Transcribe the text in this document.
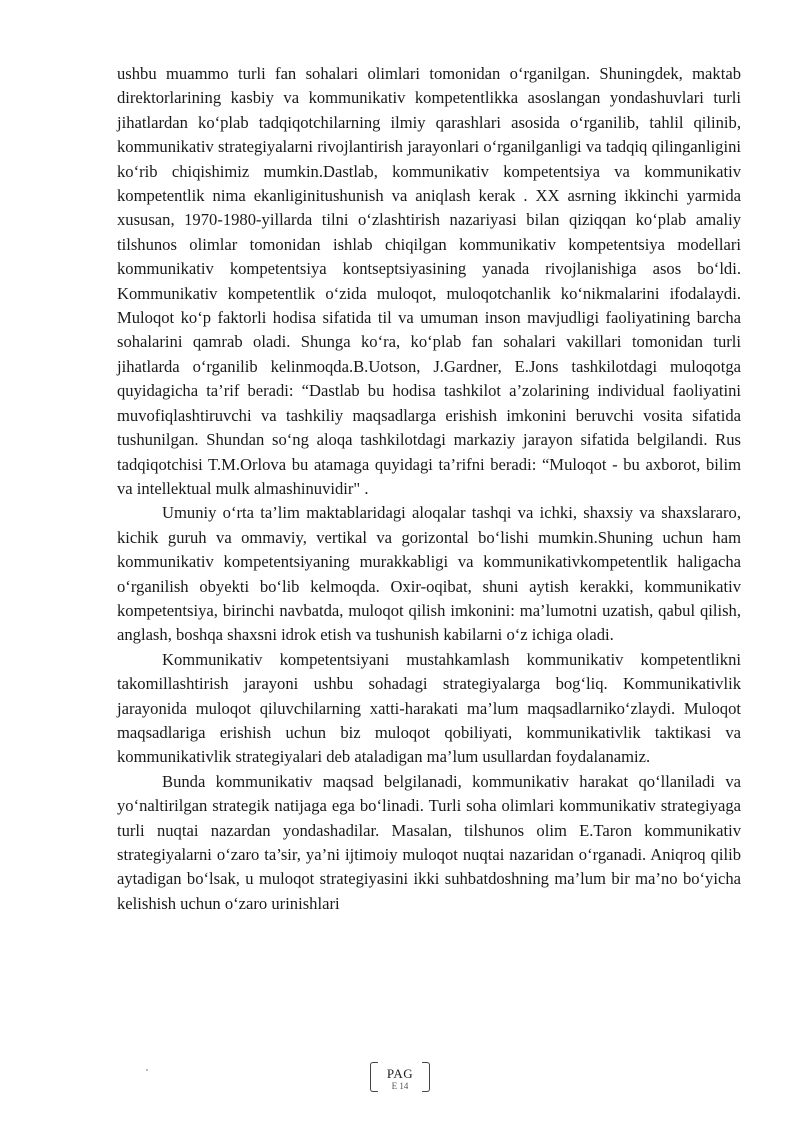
ushbu muammo turli fan sohalari olimlari tomonidan o‘rganilgan. Shuningdek, maktab direktorlarining kasbiy va kommunikativ kompetentlikka asoslangan yondashuvlari turli jihatlardan ko‘plab tadqiqotchilarning ilmiy qarashlari asosida o‘rganilib, tahlil qilinib, kommunikativ strategiyalarni rivojlantirish jarayonlari o‘rganilganligi va tadqiq qilinganligini ko‘rib chiqishimiz mumkin.Dastlab, kommunikativ kompetentsiya va kommunikativ kompetentlik nima ekanliginitushunish va aniqlash kerak . XX asrning ikkinchi yarmida xususan, 1970-1980-yillarda tilni o‘zlashtirish nazariyasi bilan qiziqqan ko‘plab amaliy tilshunos olimlar tomonidan ishlab chiqilgan kommunikativ kompetentsiya modellari kommunikativ kompetentsiya kontseptsiyasining yanada rivojlanishiga asos bo‘ldi. Kommunikativ kompetentlik o‘zida muloqot, muloqotchanlik ko‘nikmalarini ifodalaydi. Muloqot ko‘p faktorli hodisa sifatida til va umuman inson mavjudligi faoliyatining barcha sohalarini qamrab oladi. Shunga ko‘ra, ko‘plab fan sohalari vakillari tomonidan turli jihatlarda o‘rganilib kelinmoqda.B.Uotson, J.Gardner, E.Jons tashkilotdagi muloqotga quyidagicha ta’rif beradi: “Dastlab bu hodisa tashkilot a’zolarining individual faoliyatini muvofiqlashtiruvchi va tashkiliy maqsadlarga erishish imkonini beruvchi vosita sifatida tushunilgan. Shundan so‘ng aloqa tashkilotdagi markaziy jarayon sifatida belgilandi. Rus tadqiqotchisi T.M.Orlova bu atamaga quyidagi ta’rifni beradi: “Muloqot - bu axborot, bilim va intellektual mulk almashinuvidir" .

Umuniy o‘rta ta’lim maktablaridagi aloqalar tashqi va ichki, shaxsiy va shaxslararo, kichik guruh va ommaviy, vertikal va gorizontal bo‘lishi mumkin.Shuning uchun ham kommunikativ kompetentsiyaning murakkabligi va kommunikativkompetentlik haligacha o‘rganilish obyekti bo‘lib kelmoqda. Oxir-oqibat, shuni aytish kerakki, kommunikativ kompetentsiya, birinchi navbatda, muloqot qilish imkonini: ma’lumotni uzatish, qabul qilish, anglash, boshqa shaxsni idrok etish va tushunish kabilarni o‘z ichiga oladi.

Kommunikativ kompetentsiyani mustahkamlash kommunikativ kompetentlikni takomillashtirish jarayoni ushbu sohadagi strategiyalarga bog‘liq. Kommunikativlik jarayonida muloqot qiluvchilarning xatti-harakati ma’lum maqsadlarniko‘zlaydi. Muloqot maqsadlariga erishish uchun biz muloqot qobiliyati, kommunikativlik taktikasi va kommunikativlik strategiyalari deb ataladigan ma’lum usullardan foydalanamiz.

Bunda kommunikativ maqsad belgilanadi, kommunikativ harakat qo‘llaniladi va yo‘naltirilgan strategik natijaga ega bo‘linadi. Turli soha olimlari kommunikativ strategiyaga turli nuqtai nazardan yondashadilar. Masalan, tilshunos olim E.Taron kommunikativ strategiyalarni o‘zaro ta’sir, ya’ni ijtimoiy muloqot nuqtai nazaridan o‘rganadi. Aniqroq qilib aytadigan bo‘lsak, u muloqot strategiyasini ikki suhbatdoshning ma’lum bir ma’no bo‘yicha kelishish uchun o‘zaro urinishlari

PAG
E 14
